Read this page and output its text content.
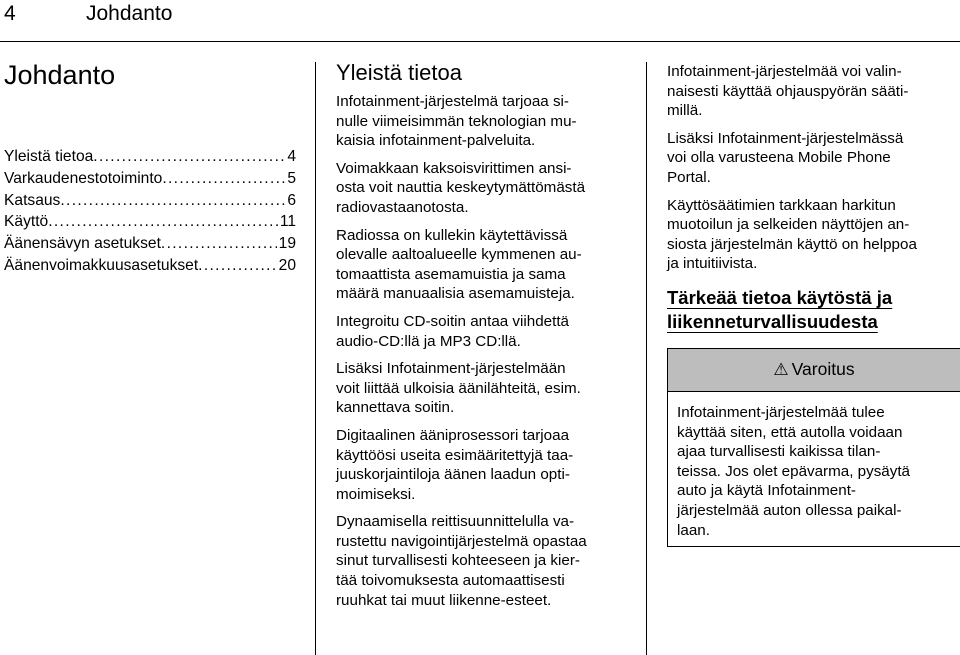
4	Johdanto
Johdanto
Yleistä tietoa . . .	4
Varkaudenestotoiminto . . .	5
Katsaus . . .	6
Käyttö . . .	11
Äänensävyn asetukset . . .	19
Äänenvoimakkuusasetukset . . .	20
Yleistä tietoa

Infotainment-järjestelmä tarjoaa si-
nulle viimeisimmän teknologian mu-
kaisia infotainment-palveluita.

Voimakkaan kaksoisvirittimen ansi-
osta voit nauttia keskeytymättömästä
radiovastaanotosta.

Radiossa on kullekin käytettävissä
olevalle aaltoalueelle kymmenen au-
tomaattista asemamuistia ja sama
määrä manuaalisia asemamuisteja.

Integroitu CD-soitin antaa viihdettä
audio-CD:llä ja MP3 CD:llä.

Lisäksi Infotainment-järjestelmään
voit liittää ulkoisia äänilähteitä, esim.
kannettava soitin.

Digitaalinen ääniprosessori tarjoaa
käyttöösi useita esimääritettyjä taa-
juuskorjaintiloja äänen laadun opti-
moimiseksi.

Dynaamisella reittisuunnittelulla va-
rustettu navigointijärjestelmä opastaa
sinut turvallisesti kohteeseen ja kier-
tää toivomuksesta automaattisesti
ruuhkat tai muut liikenne-esteet.

Infotainment-järjestelmää voi valin-
naisesti käyttää ohjauspyörän sääti-
millä.

Lisäksi Infotainment-järjestelmässä
voi olla varusteena Mobile Phone
Portal.

Käyttösäätimien tarkkaan harkitun
muotoilun ja selkeiden näyttöjen an-
siosta järjestelmän käyttö on helppoa
ja intuitiivista.

Tärkeää tietoa käytöstä ja
liikenneturvallisuudesta
⚠ Varoitus
Infotainment-järjestelmää tulee
käyttää siten, että autolla voidaan
ajaa turvallisesti kaikissa tilan-
teissa. Jos olet epävarma, pysäytä
auto ja käytä Infotainment-
järjestelmää auton ollessa paikal-
laan.
